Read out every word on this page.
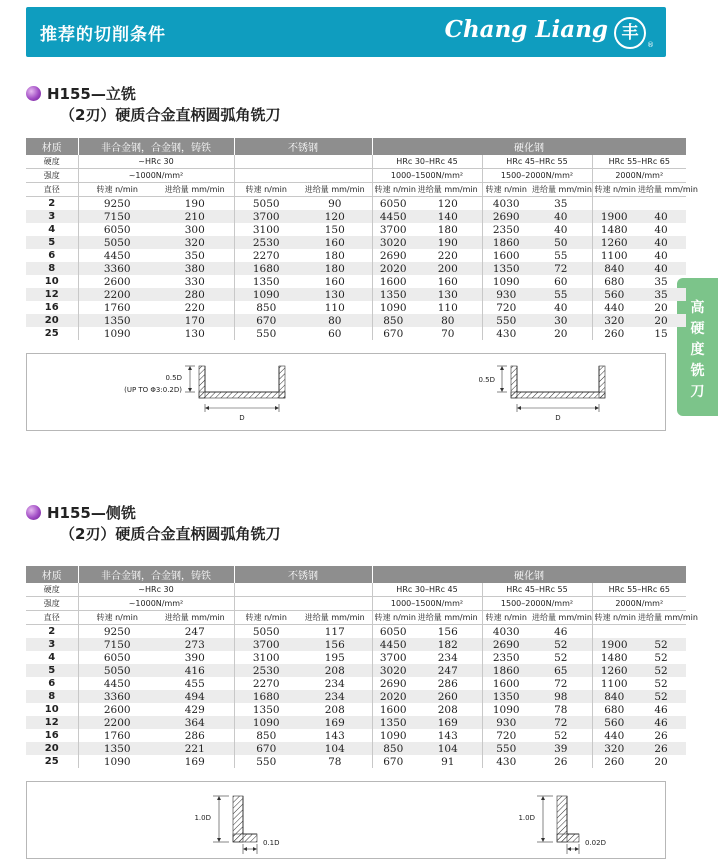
推荐的切削条件	Chang Liang 丰
®
高
硬
度
铣
刀
H155—立铣
（2刃）硬质合金直柄圆弧角铣刀
材质	非合金钢，合金钢，铸铁		不锈钢		硬化钢					
硬度	~HRc 30				HRc 30–HRc 45		HRc 45–HRc 55		HRc 55–HRc 65	
强度	~1000N/mm²				1000–1500N/mm²		1500–2000N/mm²		2000N/mm²	
直径	转速 n/min	进给量 mm/min	转速 n/min	进给量 mm/min	转速 n/min	进给量 mm/min	转速 n/min	进给量 mm/min	转速 n/min	进给量 mm/min
2	9250	190	5050	90	6050	120	4030	35		
3	7150	210	3700	120	4450	140	2690	40	1900	40
4	6050	300	3100	150	3700	180	2350	40	1480	40
5	5050	320	2530	160	3020	190	1860	50	1260	40
6	4450	350	2270	180	2690	220	1600	55	1100	40
8	3360	380	1680	180	2020	200	1350	72	840	40
10	2600	330	1350	160	1600	160	1090	60	680	35
12	2200	280	1090	130	1350	130	930	55	560	35
16	1760	220	850	110	1090	110	720	40	440	20
20	1350	170	670	80	850	80	550	30	320	20
25	1090	130	550	60	670	70	430	20	260	15
0.5D
(UP TO Φ3:0.2D)
D
0.5D
D
H155—侧铣
（2刃）硬质合金直柄圆弧角铣刀
材质	非合金钢，合金钢，铸铁		不锈钢		硬化钢					
硬度	~HRc 30				HRc 30–HRc 45		HRc 45–HRc 55		HRc 55–HRc 65	
强度	~1000N/mm²				1000–1500N/mm²		1500–2000N/mm²		2000N/mm²	
直径	转速 n/min	进给量 mm/min	转速 n/min	进给量 mm/min	转速 n/min	进给量 mm/min	转速 n/min	进给量 mm/min	转速 n/min	进给量 mm/min
2	9250	247	5050	117	6050	156	4030	46		
3	7150	273	3700	156	4450	182	2690	52	1900	52
4	6050	390	3100	195	3700	234	2350	52	1480	52
5	5050	416	2530	208	3020	247	1860	65	1260	52
6	4450	455	2270	234	2690	286	1600	72	1100	52
8	3360	494	1680	234	2020	260	1350	98	840	52
10	2600	429	1350	208	1600	208	1090	78	680	46
12	2200	364	1090	169	1350	169	930	72	560	46
16	1760	286	850	143	1090	143	720	52	440	26
20	1350	221	670	104	850	104	550	39	320	26
25	1090	169	550	78	670	91	430	26	260	20
1.0D
0.1D
1.0D
0.02D
